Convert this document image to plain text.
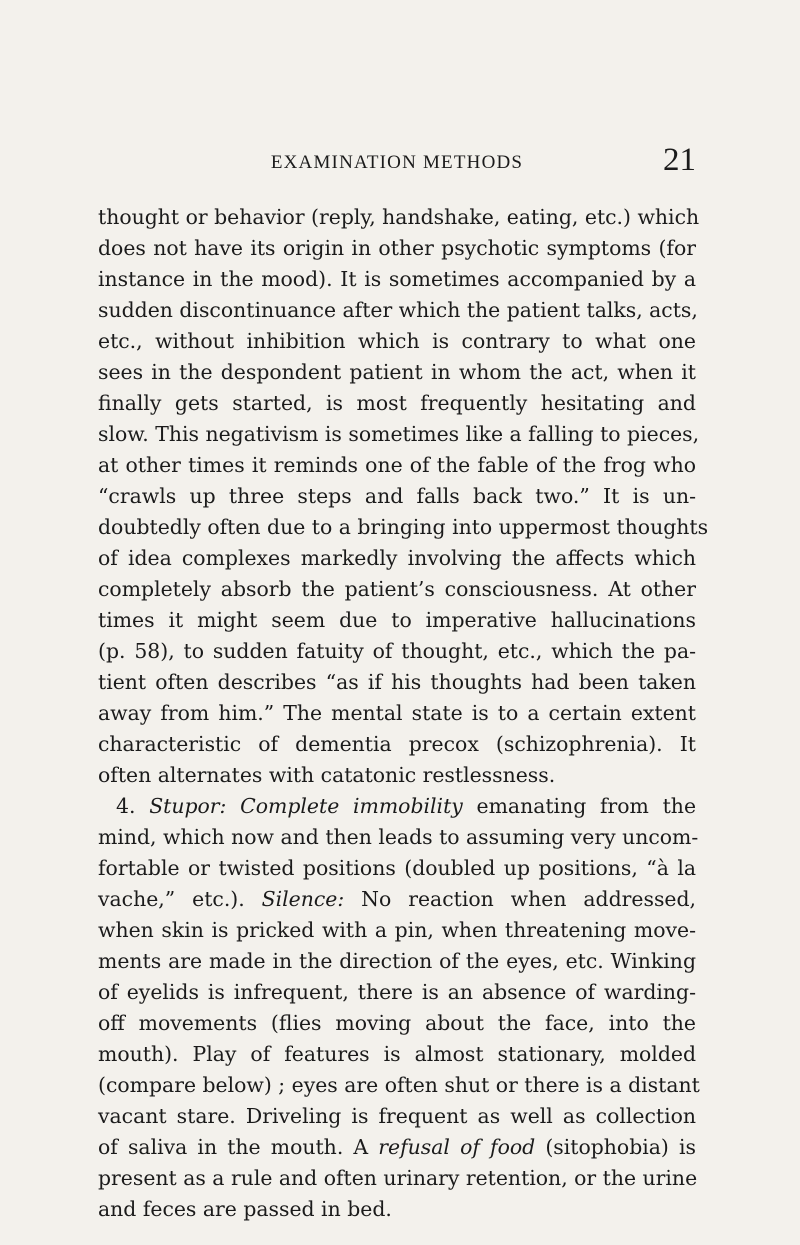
EXAMINATION METHODS	21
thought or behavior (reply, handshake, eating, etc.) which
does not have its origin in other psychotic symptoms (for
instance in the mood). It is sometimes accompanied by a
sudden discontinuance after which the patient talks, acts,
etc., without inhibition which is contrary to what one
sees in the despondent patient in whom the act, when it
finally gets started, is most frequently hesitating and
slow. This negativism is sometimes like a falling to pieces,
at other times it reminds one of the fable of the frog who
“crawls up three steps and falls back two.” It is un-
doubtedly often due to a bringing into uppermost thoughts
of idea complexes markedly involving the affects which
completely absorb the patient’s consciousness. At other
times it might seem due to imperative hallucinations
(p. 58), to sudden fatuity of thought, etc., which the pa-
tient often describes “as if his thoughts had been taken
away from him.” The mental state is to a certain extent
characteristic of dementia precox (schizophrenia). It
often alternates with catatonic restlessness.
4. Stupor: Complete immobility emanating from the
mind, which now and then leads to assuming very uncom-
fortable or twisted positions (doubled up positions, “à la
vache,” etc.). Silence: No reaction when addressed,
when skin is pricked with a pin, when threatening move-
ments are made in the direction of the eyes, etc. Winking
of eyelids is infrequent, there is an absence of warding-
off movements (flies moving about the face, into the
mouth). Play of features is almost stationary, molded
(compare below) ; eyes are often shut or there is a distant
vacant stare. Driveling is frequent as well as collection
of saliva in the mouth. A refusal of food (sitophobia) is
present as a rule and often urinary retention, or the urine
and feces are passed in bed.
